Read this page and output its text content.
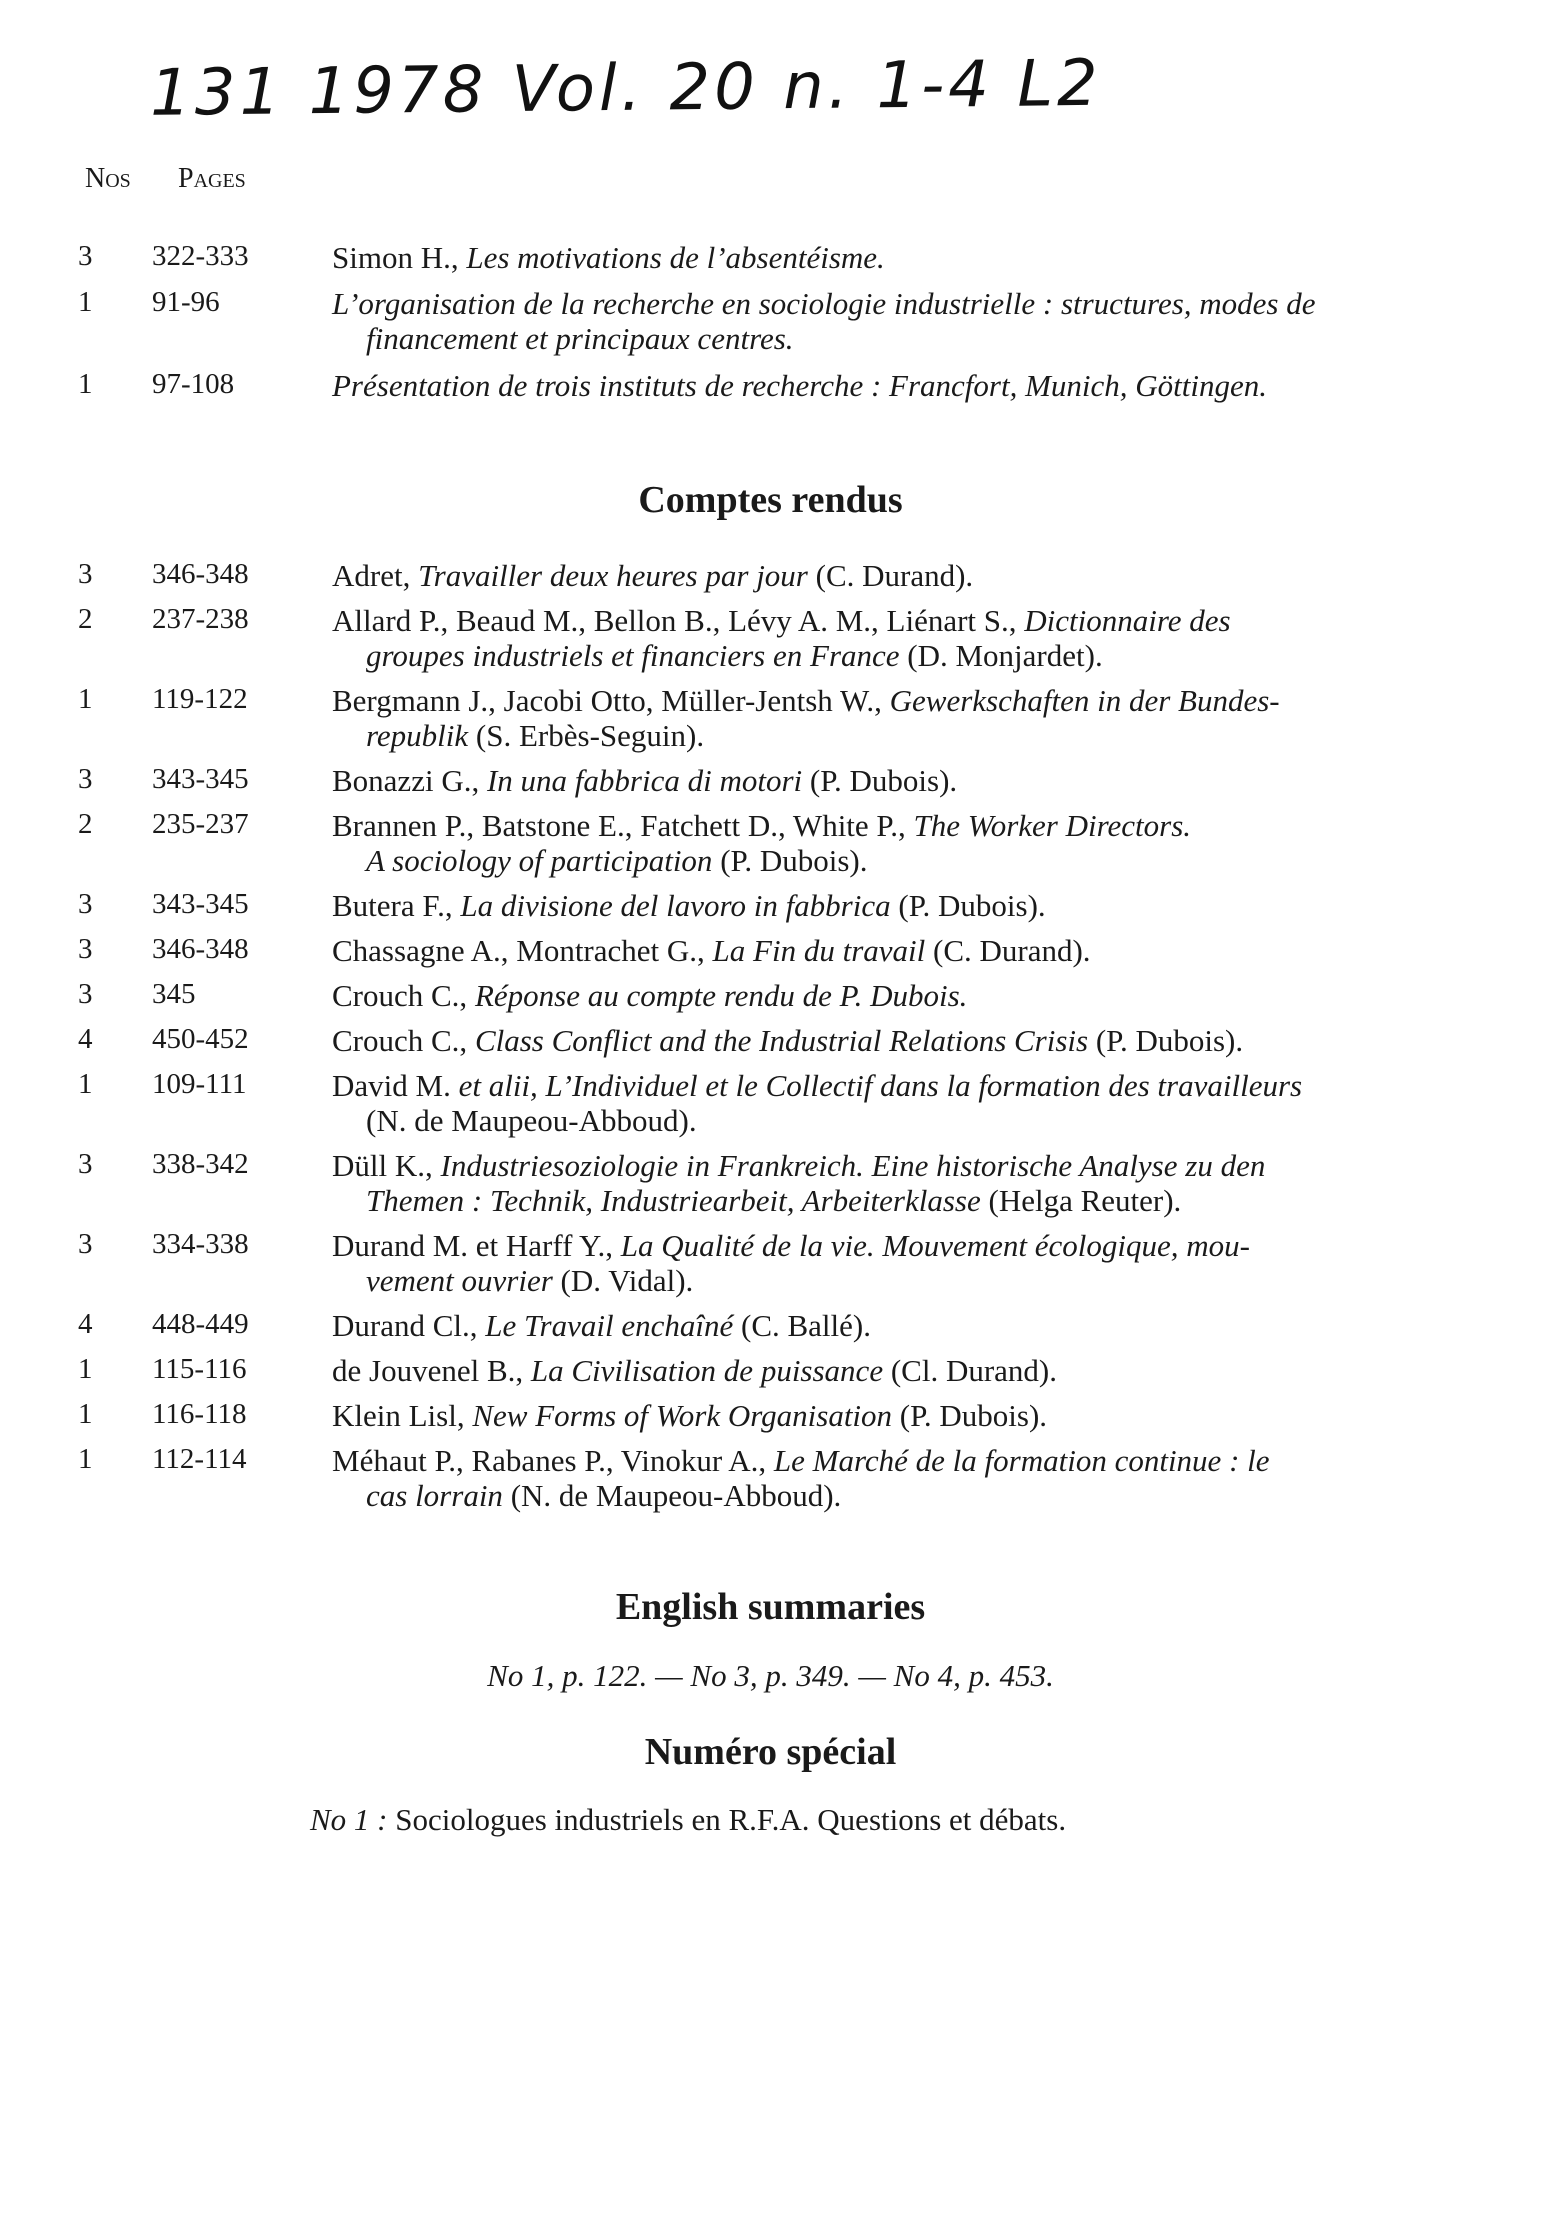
131 1978 Vol. 20 n. 1-4 L2
Nos Pages
3	322-333	Simon H., Les motivations de l’absentéisme.
1	91-96	L’organisation de la recherche en sociologie industrielle : structures, modes de
financement et principaux centres.
1	97-108	Présentation de trois instituts de recherche : Francfort, Munich, Göttingen.
Comptes rendus
3	346-348	Adret, Travailler deux heures par jour (C. Durand).
2	237-238	Allard P., Beaud M., Bellon B., Lévy A. M., Liénart S., Dictionnaire des
groupes industriels et financiers en France (D. Monjardet).
1	119-122	Bergmann J., Jacobi Otto, Müller-Jentsh W., Gewerkschaften in der Bundes-
republik (S. Erbès-Seguin).
3	343-345	Bonazzi G., In una fabbrica di motori (P. Dubois).
2	235-237	Brannen P., Batstone E., Fatchett D., White P., The Worker Directors.
A sociology of participation (P. Dubois).
3	343-345	Butera F., La divisione del lavoro in fabbrica (P. Dubois).
3	346-348	Chassagne A., Montrachet G., La Fin du travail (C. Durand).
3	345	Crouch C., Réponse au compte rendu de P. Dubois.
4	450-452	Crouch C., Class Conflict and the Industrial Relations Crisis (P. Dubois).
1	109-111	David M. et alii, L’Individuel et le Collectif dans la formation des travailleurs
(N. de Maupeou-Abboud).
3	338-342	Düll K., Industriesoziologie in Frankreich. Eine historische Analyse zu den
Themen : Technik, Industriearbeit, Arbeiterklasse (Helga Reuter).
3	334-338	Durand M. et Harff Y., La Qualité de la vie. Mouvement écologique, mou-
vement ouvrier (D. Vidal).
4	448-449	Durand Cl., Le Travail enchaîné (C. Ballé).
1	115-116	de Jouvenel B., La Civilisation de puissance (Cl. Durand).
1	116-118	Klein Lisl, New Forms of Work Organisation (P. Dubois).
1	112-114	Méhaut P., Rabanes P., Vinokur A., Le Marché de la formation continue : le
cas lorrain (N. de Maupeou-Abboud).
English summaries
No 1, p. 122. — No 3, p. 349. — No 4, p. 453.
Numéro spécial
No 1 : Sociologues industriels en R.F.A. Questions et débats.
